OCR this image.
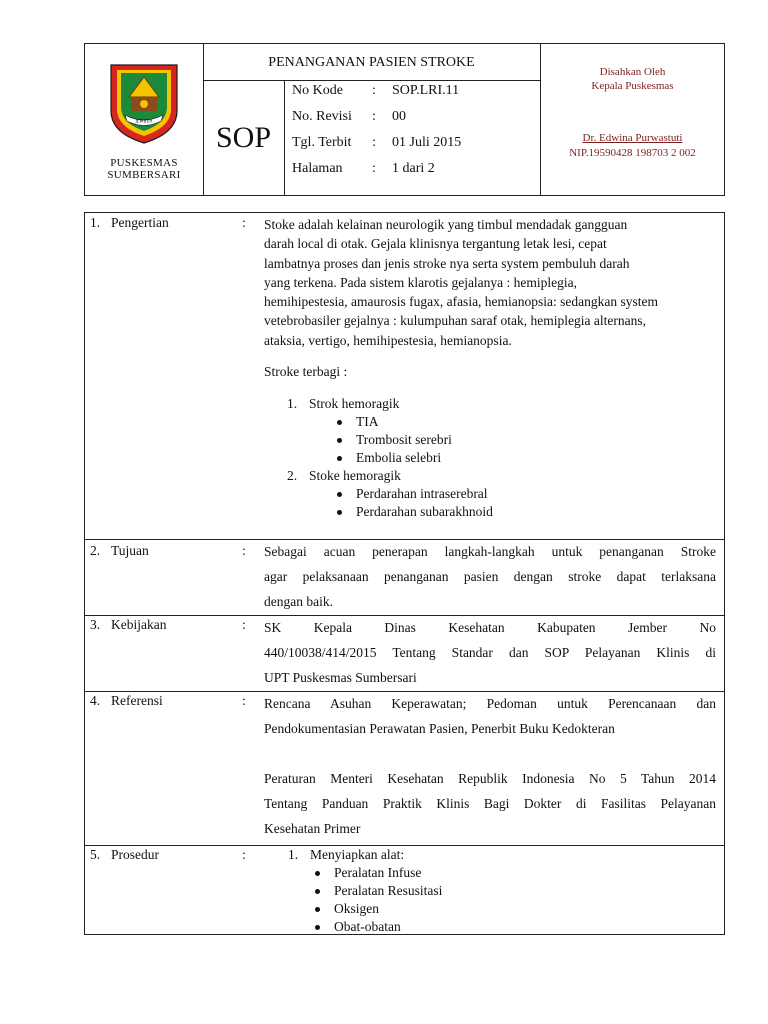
JEMBER
PUSKESMAS
SUMBERSARI
PENANGANAN PASIEN STROKE
SOP
No Kode : SOP.LRI.11
No. Revisi : 00
Tgl. Terbit : 01 Juli 2015
Halaman : 1 dari 2
Disahkan Oleh
Kepala Puskesmas
Dr. Edwina Purwastuti
NIP.19590428 198703 2 002
1. Pengertian	: Stoke adalah kelainan neurologik yang timbul mendadak gangguan

darah local di otak. Gejala klinisnya tergantung letak lesi, cepat

lambatnya proses dan jenis stroke nya serta system pembuluh darah

yang terkena. Pada sistem klarotis gejalanya : hemiplegia,

hemihipestesia, amaurosis fugax, afasia, hemianopsia: sedangkan system

vetebrobasiler gejalnya : kulumpuhan saraf otak, hemiplegia alternans,

ataksia, vertigo, hemihipestesia, hemianopsia.

Stroke terbagi :

1. Strok hemoragik
TIA
Trombosit serebri
Embolia selebri
2. Stoke hemoragik
Perdarahan intraserebral
Perdarahan subarakhnoid
2. Tujuan	: Sebagai acuan penerapan langkah-langkah untuk penanganan Stroke

agar pelaksanaan penanganan pasien dengan stroke dapat terlaksana

dengan baik.

3. Kebijakan	: SK Kepala Dinas Kesehatan Kabupaten Jember No

440/10038/414/2015 Tentang Standar dan SOP Pelayanan Klinis di

UPT Puskesmas Sumbersari

4. Referensi	: Rencana Asuhan Keperawatan; Pedoman untuk Perencanaan dan

Pendokumentasian Perawatan Pasien, Penerbit Buku Kedokteran

Peraturan Menteri Kesehatan Republik Indonesia No 5 Tahun 2014

Tentang Panduan Praktik Klinis Bagi Dokter di Fasilitas Pelayanan

Kesehatan Primer

5. Prosedur	:	1. Menyiapkan alat:
Peralatan Infuse
Peralatan Resusitasi
Oksigen
Obat-obatan
